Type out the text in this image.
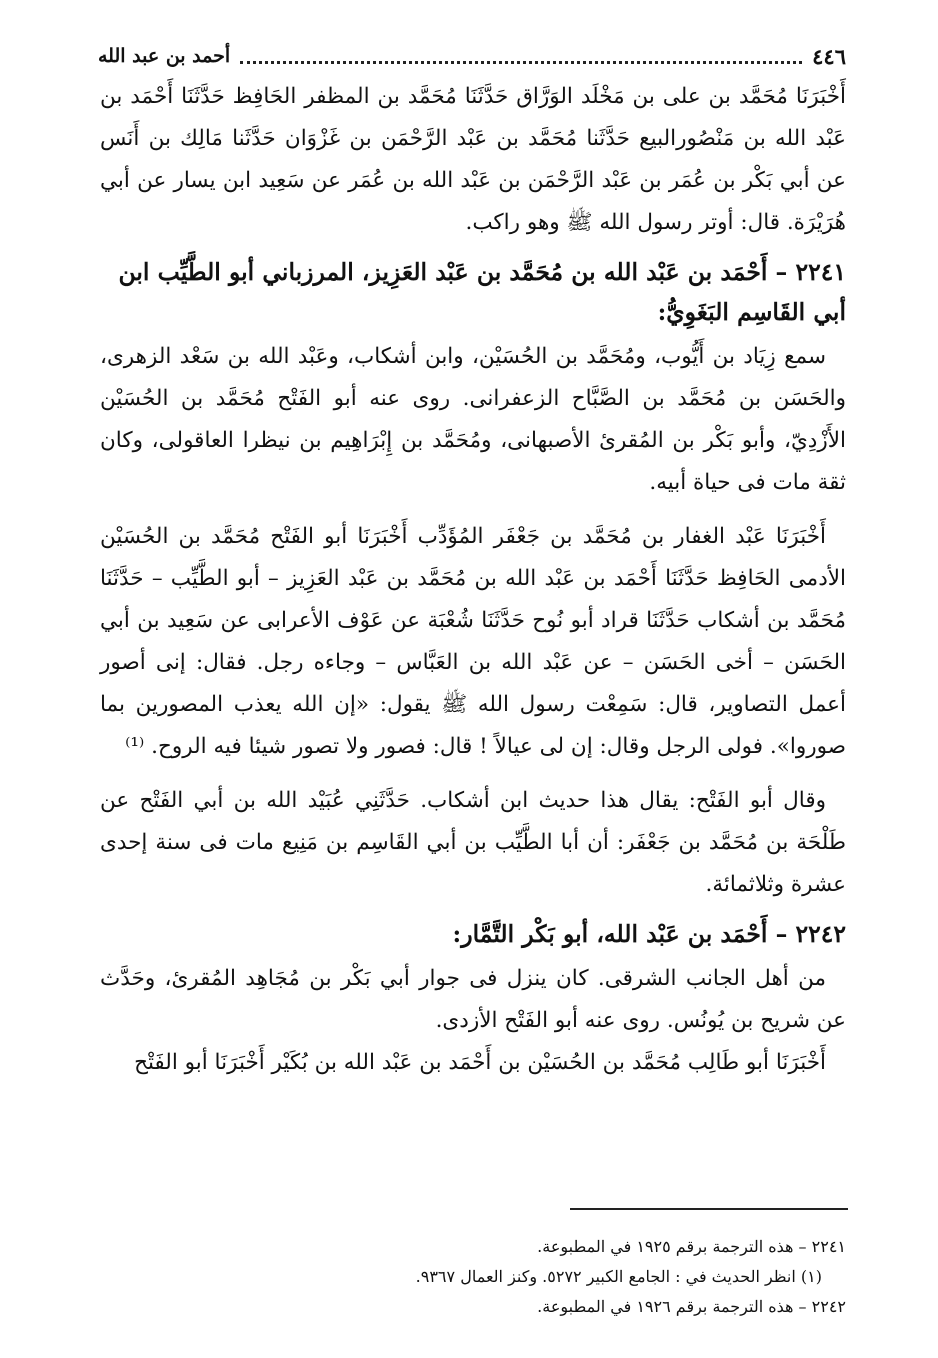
٤٤٦
أحمد بن عبد الله

أَخْبَرَنَا مُحَمَّد بن على بن مَخْلَد الوَرَّاق حَدَّثَنَا مُحَمَّد بن المظفر الحَافِظ حَدَّثَنَا أَحْمَد بن عَبْد الله بن مَنْصُورالبيع حَدَّثَنا مُحَمَّد بن عَبْد الرَّحْمَن بن غَزْوَان حَدَّثَنا مَالِك بن أَنَس عن أبي بَكْر بن عُمَر بن عَبْد الرَّحْمَن بن عَبْد الله بن عُمَر عن سَعِيد ابن يسار عن أبي هُرَيْرَة. قال: أوتر رسول الله ﷺ وهو راكب.

٢٢٤١ – أَحْمَد بن عَبْد الله بن مُحَمَّد بن عَبْد العَزِيز، المرزباني أبو الطَّيِّب ابن أبي القَاسِم البَغَوِيُّ:

سمع زِيَاد بن أَيُّوب، ومُحَمَّد بن الحُسَيْن، وابن أشكاب، وعَبْد الله بن سَعْد الزهرى، والحَسَن بن مُحَمَّد بن الصَّبَّاح الزعفرانى. روى عنه أبو الفَتْح مُحَمَّد بن الحُسَيْن الأَزْدِيّ، وأبو بَكْر بن المُقرئ الأصبهانى، ومُحَمَّد بن إِبْرَاهِيم بن نيظرا العاقولى، وكان ثقة مات فى حياة أبيه.

أَخْبَرَنَا عَبْد الغفار بن مُحَمَّد بن جَعْفَر المُؤَدِّب أَخْبَرَنَا أبو الفَتْح مُحَمَّد بن الحُسَيْن الأدمى الحَافِظ حَدَّثَنَا أَحْمَد بن عَبْد الله بن مُحَمَّد بن عَبْد العَزِيز – أبو الطَّيِّب – حَدَّثَنَا مُحَمَّد بن أشكاب حَدَّثَنَا قراد أبو نُوح حَدَّثَنَا شُعْبَة عن عَوْف الأعرابى عن سَعِيد بن أبي الحَسَن – أخى الحَسَن – عن عَبْد الله بن العَبَّاس – وجاءه رجل. فقال: إنى أصور أعمل التصاوير، قال: سَمِعْت رسول الله ﷺ يقول: «إن الله يعذب المصورين بما صوروا». فولى الرجل وقال: إن لى عيالاً ! قال: فصور ولا تصور شيئا فيه الروح. ⁽¹⁾

وقال أبو الفَتْح: يقال هذا حديث ابن أشكاب. حَدَّثَنِي عُبَيْد الله بن أبي الفَتْح عن طَلْحَة بن مُحَمَّد بن جَعْفَر: أن أبا الطَّيِّب بن أبي القَاسِم بن مَنِيع مات فى سنة إحدى عشرة وثلاثمائة.

٢٢٤٢ – أَحْمَد بن عَبْد الله، أبو بَكْر التَّمَّار:

من أهل الجانب الشرقى. كان ينزل فى جوار أبي بَكْر بن مُجَاهِد المُقرئ، وحَدَّث عن شريح بن يُونُس. روى عنه أبو الفَتْح الأزدى.

أَخْبَرَنَا أبو طَالِب مُحَمَّد بن الحُسَيْن بن أَحْمَد بن عَبْد الله بن بُكَيْر أَخْبَرَنَا أبو الفَتْح

٢٢٤١ – هذه الترجمة برقم ١٩٢٥ في المطبوعة.

(١) انظر الحديث في : الجامع الكبير ٥٢٧٢. وكنز العمال ٩٣٦٧.

٢٢٤٢ – هذه الترجمة برقم ١٩٢٦ في المطبوعة.
